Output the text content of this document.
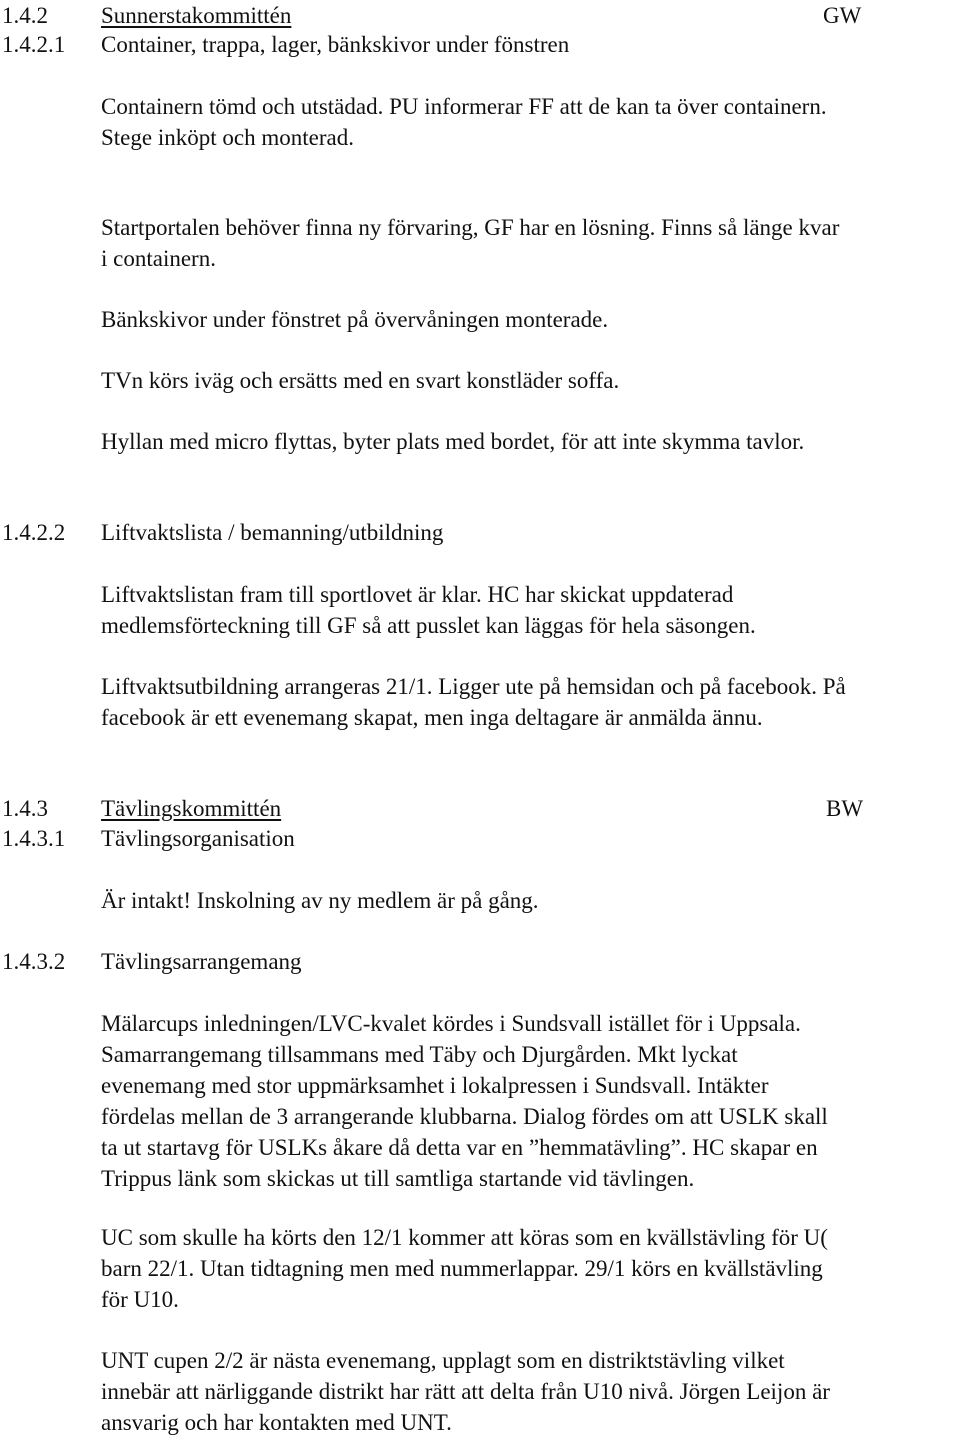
1.4.2 Sunnerstakommittén	GW
1.4.2.1 Container, trappa, lager, bänkskivor under fönstren
Containern tömd och utstädad. PU informerar FF att de kan ta över containern.
Stege inköpt och monterad.
Startportalen behöver finna ny förvaring, GF har en lösning. Finns så länge kvar
i containern.
Bänkskivor under fönstret på övervåningen monterade.
TVn körs iväg och ersätts med en svart konstläder soffa.
Hyllan med micro flyttas, byter plats med bordet, för att inte skymma tavlor.
1.4.2.2 Liftvaktslista / bemanning/utbildning
Liftvaktslistan fram till sportlovet är klar. HC har skickat uppdaterad
medlemsförteckning till GF så att pusslet kan läggas för hela säsongen.
Liftvaktsutbildning arrangeras 21/1. Ligger ute på hemsidan och på facebook. På
facebook är ett evenemang skapat, men inga deltagare är anmälda ännu.
1.4.3 Tävlingskommittén	BW
1.4.3.1 Tävlingsorganisation
Är intakt! Inskolning av ny medlem är på gång.
1.4.3.2 Tävlingsarrangemang
Mälarcups inledningen/LVC-kvalet kördes i Sundsvall istället för i Uppsala.
Samarrangemang tillsammans med Täby och Djurgården. Mkt lyckat
evenemang med stor uppmärksamhet i lokalpressen i Sundsvall. Intäkter
fördelas mellan de 3 arrangerande klubbarna. Dialog fördes om att USLK skall
ta ut startavg för USLKs åkare då detta var en ”hemmatävling”. HC skapar en
Trippus länk som skickas ut till samtliga startande vid tävlingen.
UC som skulle ha körts den 12/1 kommer att köras som en kvällstävling för U(
barn 22/1. Utan tidtagning men med nummerlappar. 29/1 körs en kvällstävling
för U10.
UNT cupen 2/2 är nästa evenemang, upplagt som en distriktstävling vilket
innebär att närliggande distrikt har rätt att delta från U10 nivå. Jörgen Leijon är
ansvarig och har kontakten med UNT.
